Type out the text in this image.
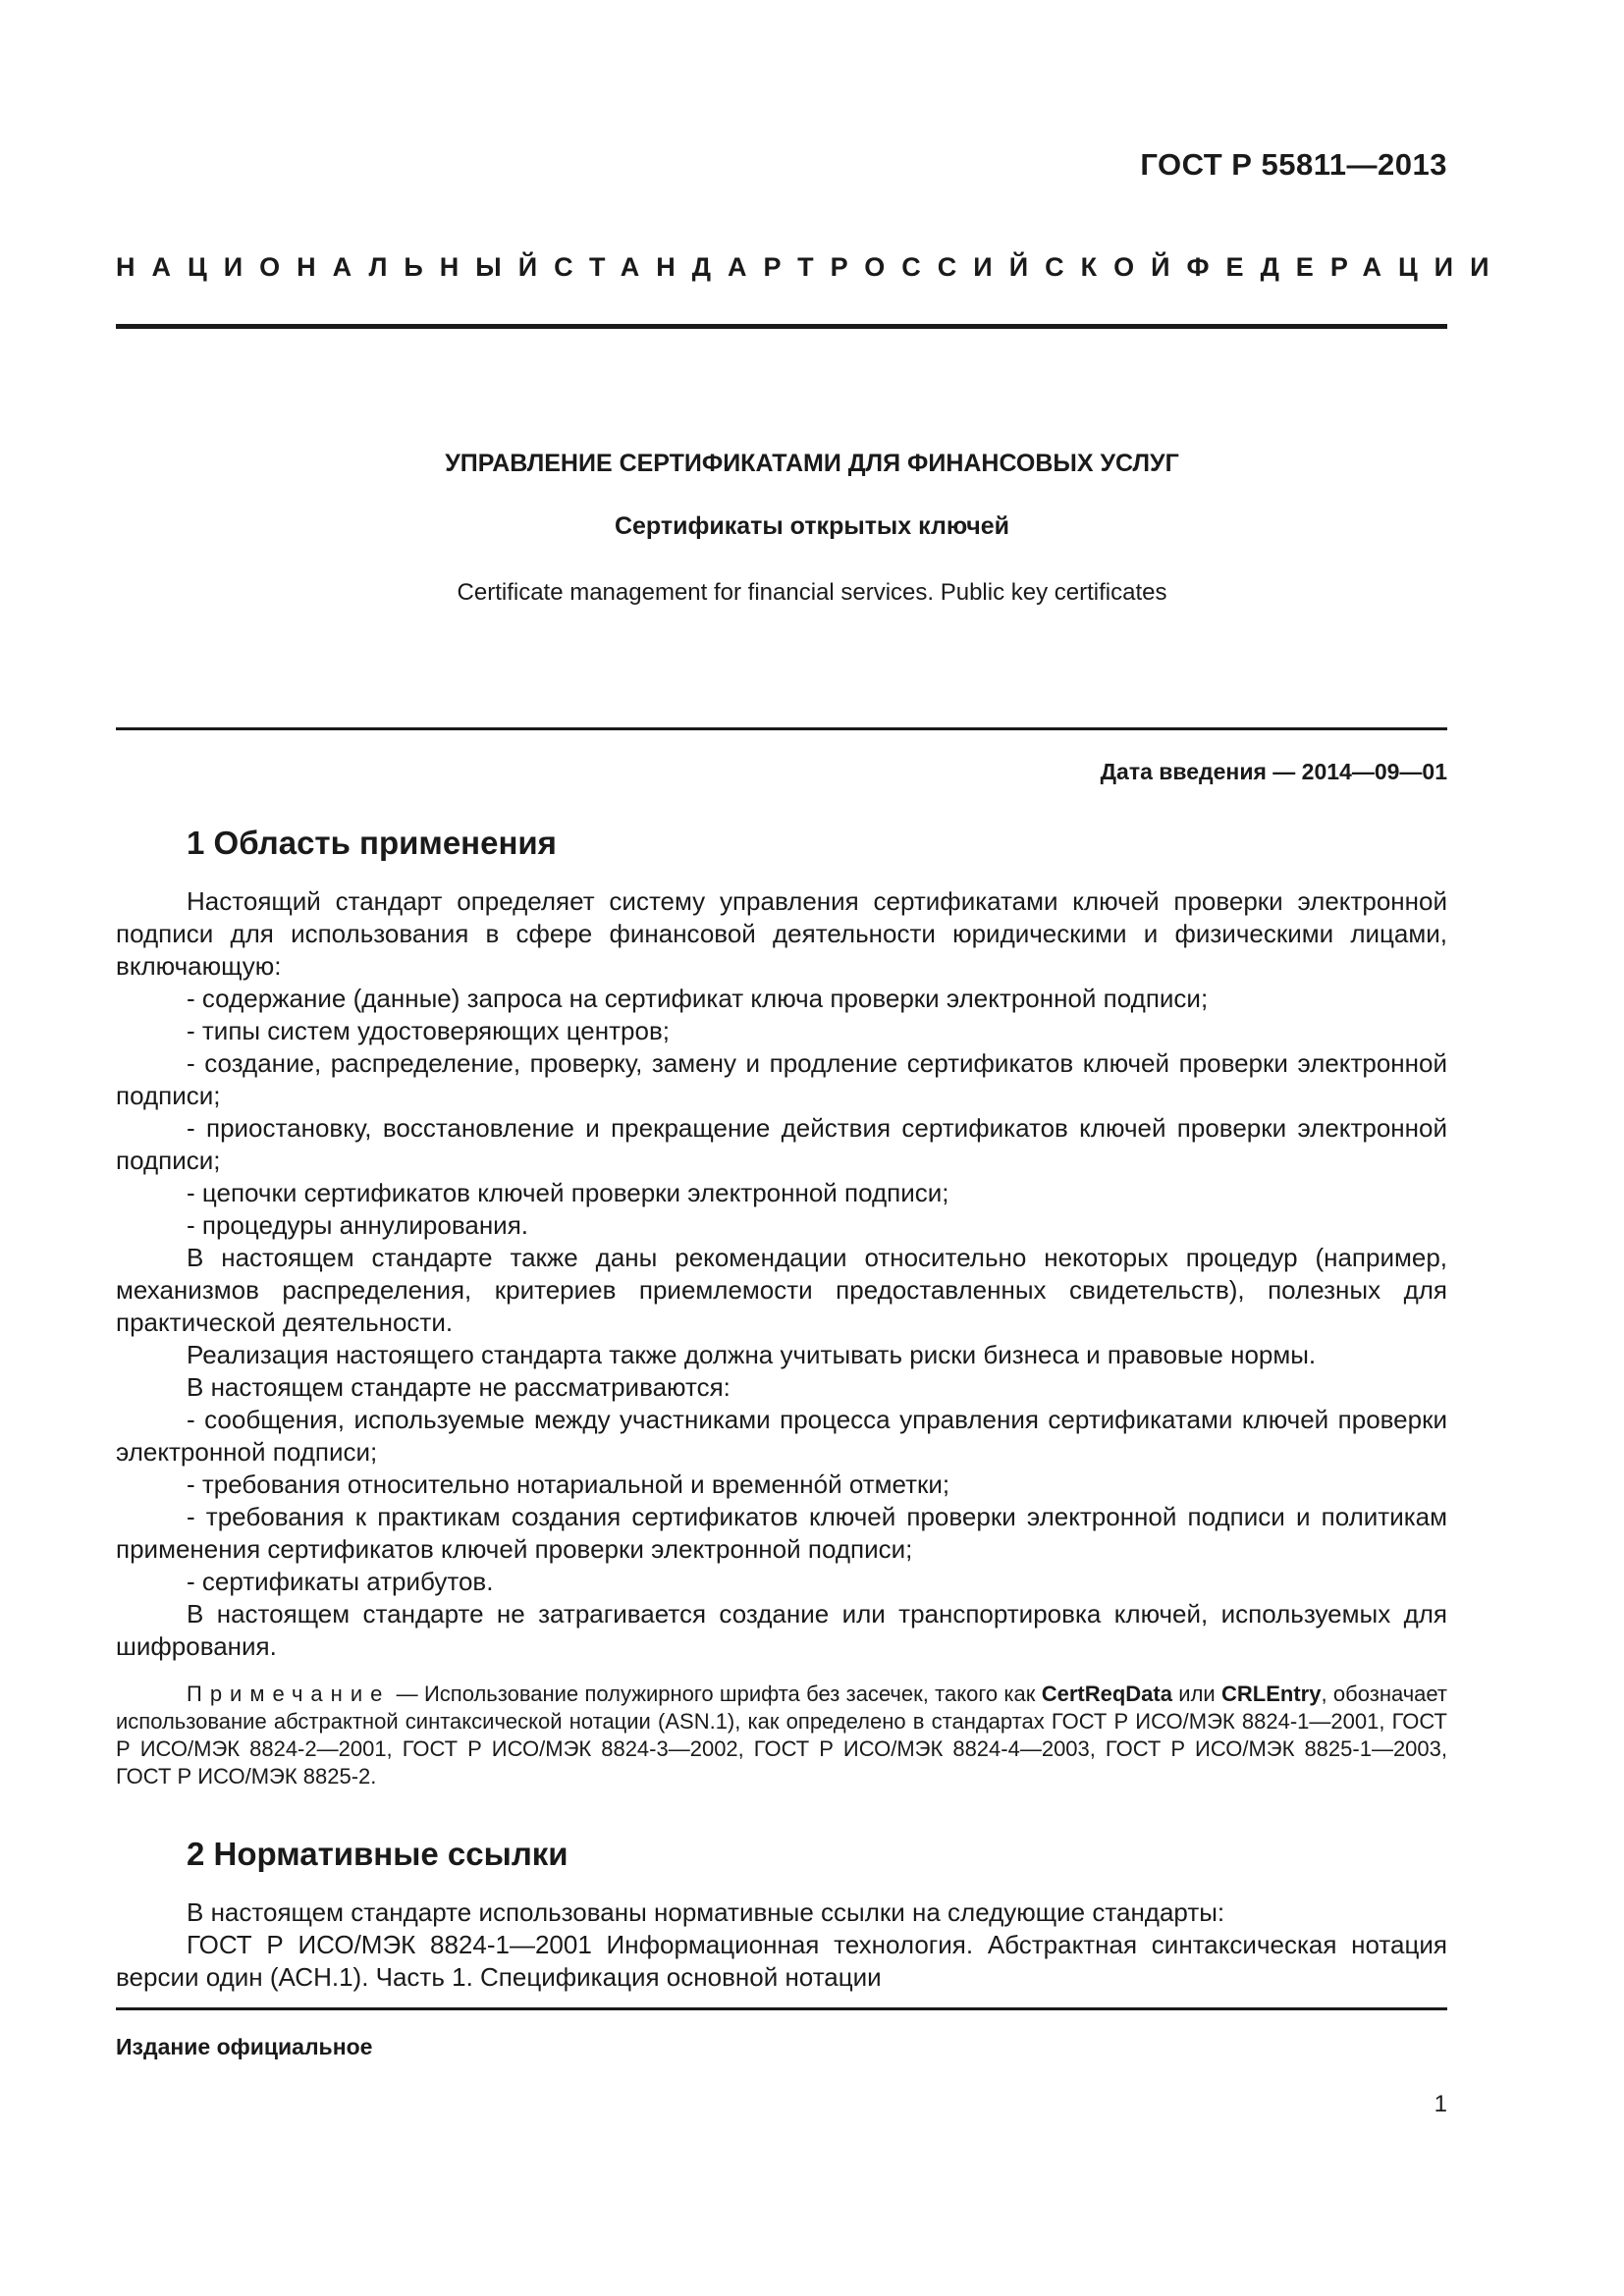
ГОСТ Р 55811—2013
НАЦИОНАЛЬНЫЙ СТАНДАРТ РОССИЙСКОЙ ФЕДЕРАЦИИ
УПРАВЛЕНИЕ СЕРТИФИКАТАМИ ДЛЯ ФИНАНСОВЫХ УСЛУГ
Сертификаты открытых ключей
Certificate management for financial services. Public key certificates
Дата введения — 2014—09—01
1 Область применения

Настоящий стандарт определяет систему управления сертификатами ключей проверки электронной подписи для использования в сфере финансовой деятельности юридическими и физическими лицами, включающую:

- содержание (данные) запроса на сертификат ключа проверки электронной подписи;

- типы систем удостоверяющих центров;

- создание, распределение, проверку, замену и продление сертификатов ключей проверки электронной подписи;

- приостановку, восстановление и прекращение действия сертификатов ключей проверки электронной подписи;

- цепочки сертификатов ключей проверки электронной подписи;

- процедуры аннулирования.

В настоящем стандарте также даны рекомендации относительно некоторых процедур (например, механизмов распределения, критериев приемлемости предоставленных свидетельств), полезных для практической деятельности.

Реализация настоящего стандарта также должна учитывать риски бизнеса и правовые нормы.

В настоящем стандарте не рассматриваются:

- сообщения, используемые между участниками процесса управления сертификатами ключей проверки электронной подписи;

- требования относительно нотариальной и временнóй отметки;

- требования к практикам создания сертификатов ключей проверки электронной подписи и политикам применения сертификатов ключей проверки электронной подписи;

- сертификаты атрибутов.

В настоящем стандарте не затрагивается создание или транспортировка ключей, используемых для шифрования.

Примечание — Использование полужирного шрифта без засечек, такого как CertReqData или CRLEntry, обозначает использование абстрактной синтаксической нотации (ASN.1), как определено в стандартах ГОСТ Р ИСО/МЭК 8824-1—2001, ГОСТ Р ИСО/МЭК 8824-2—2001, ГОСТ Р ИСО/МЭК 8824-3—2002, ГОСТ Р ИСО/МЭК 8824-4—2003, ГОСТ Р ИСО/МЭК 8825-1—2003, ГОСТ Р ИСО/МЭК 8825-2.

2 Нормативные ссылки

В настоящем стандарте использованы нормативные ссылки на следующие стандарты:

ГОСТ Р ИСО/МЭК 8824-1—2001 Информационная технология. Абстрактная синтаксическая нотация версии один (АСН.1). Часть 1. Спецификация основной нотации

Издание официальное
1
